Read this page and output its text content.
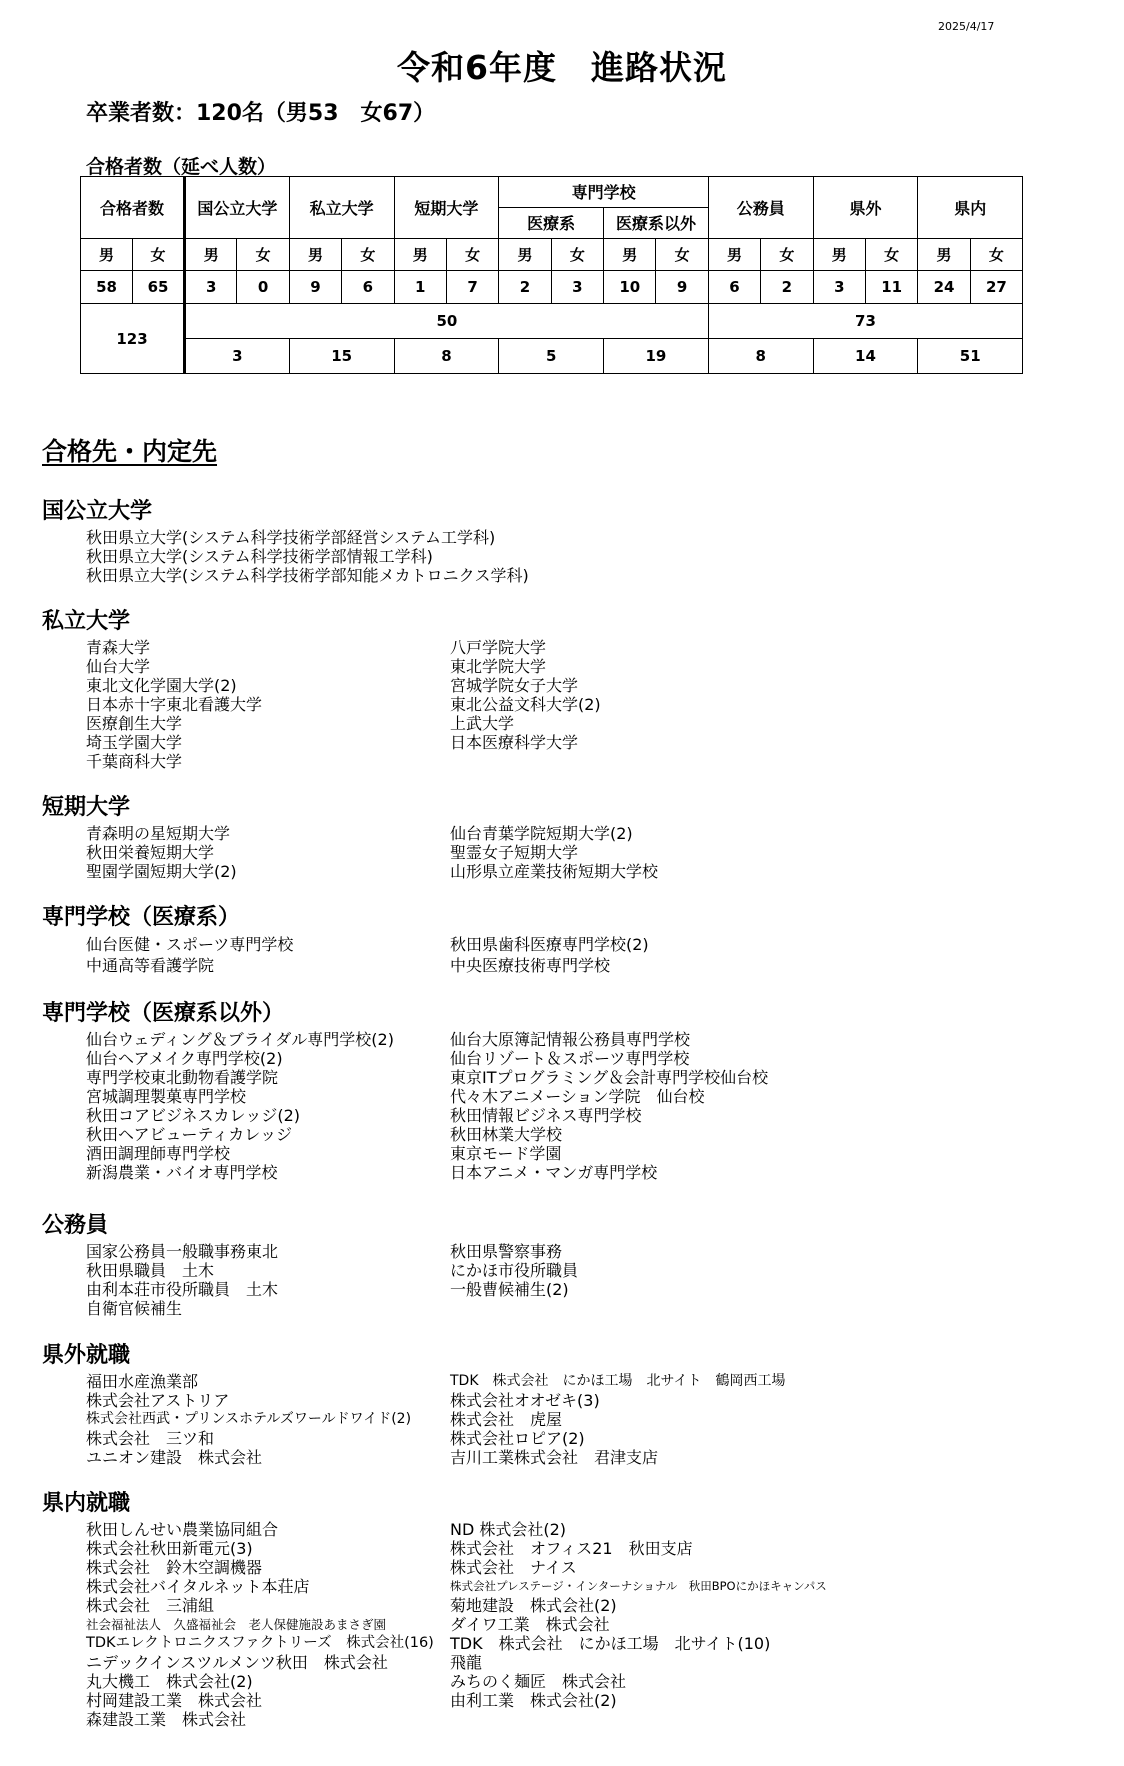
2025/4/17
令和6年度　進路状況
卒業者数：120名（男53　女67）
合格者数（延べ人数）
合格者数		国公立大学		私立大学		短期大学		専門学校				公務員		県外		県内	
								医療系		医療系以外							
男	女	男	女	男	女	男	女	男	女	男	女	男	女	男	女	男	女
58	65	3	0	9	6	1	7	2	3	10	9	6	2	3	11	24	27
123		50										73					
		3		15		8		5		19		8		14		51	
合格先・内定先
国公立大学
秋田県立大学(システム科学技術学部経営システム工学科)
秋田県立大学(システム科学技術学部情報工学科)
秋田県立大学(システム科学技術学部知能メカトロニクス学科)
私立大学
青森大学
仙台大学
東北文化学園大学(2)
日本赤十字東北看護大学
医療創生大学
埼玉学園大学
千葉商科大学
八戸学院大学
東北学院大学
宮城学院女子大学
東北公益文科大学(2)
上武大学
日本医療科学大学
短期大学
青森明の星短期大学
秋田栄養短期大学
聖園学園短期大学(2)
仙台青葉学院短期大学(2)
聖霊女子短期大学
山形県立産業技術短期大学校
専門学校（医療系）
仙台医健・スポーツ専門学校
中通高等看護学院
秋田県歯科医療専門学校(2)
中央医療技術専門学校
専門学校（医療系以外）
仙台ウェディング＆ブライダル専門学校(2)
仙台ヘアメイク専門学校(2)
専門学校東北動物看護学院
宮城調理製菓専門学校
秋田コアビジネスカレッジ(2)
秋田ヘアビューティカレッジ
酒田調理師専門学校
新潟農業・バイオ専門学校
仙台大原簿記情報公務員専門学校
仙台リゾート＆スポーツ専門学校
東京ITプログラミング＆会計専門学校仙台校
代々木アニメーション学院　仙台校
秋田情報ビジネス専門学校
秋田林業大学校
東京モード学園
日本アニメ・マンガ専門学校
公務員
国家公務員一般職事務東北
秋田県職員　土木
由利本荘市役所職員　土木
自衛官候補生
秋田県警察事務
にかほ市役所職員
一般曹候補生(2)
県外就職
福田水産漁業部
株式会社アストリア
株式会社西武・プリンスホテルズワールドワイド(2)
株式会社　三ツ和
ユニオン建設　株式会社
TDK　株式会社　にかほ工場　北サイト　鶴岡西工場
株式会社オオゼキ(3)
株式会社　虎屋
株式会社ロピア(2)
吉川工業株式会社　君津支店
県内就職
秋田しんせい農業協同組合
株式会社秋田新電元(3)
株式会社　鈴木空調機器
株式会社バイタルネット本荘店
株式会社　三浦組
社会福祉法人　久盛福祉会　老人保健施設あまさぎ園
TDKエレクトロニクスファクトリーズ　株式会社(16)
ニデックインスツルメンツ秋田　株式会社
丸大機工　株式会社(2)
村岡建設工業　株式会社
森建設工業　株式会社
ND 株式会社(2)
株式会社　オフィス21　秋田支店
株式会社　ナイス
株式会社プレステージ・インターナショナル　秋田BPOにかほキャンパス
菊地建設　株式会社(2)
ダイワ工業　株式会社
TDK　株式会社　にかほ工場　北サイト(10)
飛龍
みちのく麺匠　株式会社
由利工業　株式会社(2)
